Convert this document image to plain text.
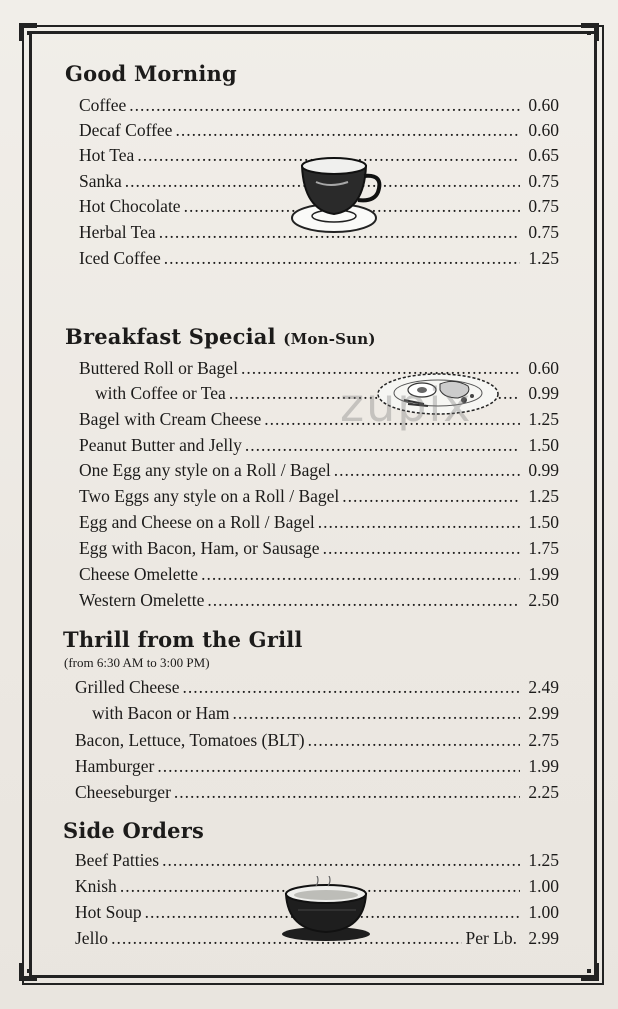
Good Morning
Coffee .....	0.60
Decaf Coffee .....	0.60
Hot Tea .....	0.65
Sanka .....	0.75
Hot Chocolate .....	0.75
Herbal Tea .....	0.75
Iced Coffee .....	1.25
Breakfast Special (Mon-Sun)
Buttered Roll or Bagel .....	0.60
with Coffee or Tea .....	0.99
Bagel with Cream Cheese .....	1.25
Peanut Butter and Jelly .....	1.50
One Egg any style on a Roll / Bagel .....	0.99
Two Eggs any style on a Roll / Bagel .....	1.25
Egg and Cheese on a Roll / Bagel .....	1.50
Egg with Bacon, Ham, or Sausage .....	1.75
Cheese Omelette .....	1.99
Western Omelette .....	2.50
zupix
Thrill from the Grill
(from 6:30 AM to 3:00 PM)
Grilled Cheese .....	2.49
with Bacon or Ham .....	2.99
Bacon, Lettuce, Tomatoes (BLT) .....	2.75
Hamburger .....	1.99
Cheeseburger .....	2.25
Side Orders
Beef Patties .....	1.25
Knish .....	1.00
Hot Soup .....	1.00
Jello .....	Per Lb. 2.99
